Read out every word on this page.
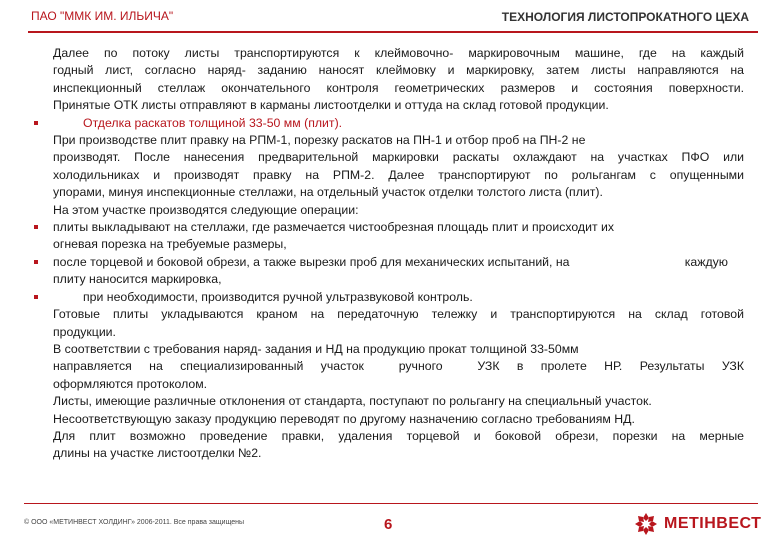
ПАО "ММК ИМ. ИЛЬИЧА"	ТЕХНОЛОГИЯ ЛИСТОПРОКАТНОГО ЦЕХА
Далее по потоку листы транспортируются к клеймовочно- маркировочным машине, где на каждый
годный лист, согласно наряд- заданию наносят клеймовку и маркировку, затем листы направляются на
инспекционный стеллаж окончательного контроля геометрических размеров и состояния поверхности.
Принятые ОТК листы отправляют в карманы листоотделки и оттуда на склад готовой продукции.
Отделка раскатов толщиной 33-50 мм (плит).
При производстве плит правку на РПМ-1, порезку раскатов на ПН-1 и отбор проб на ПН-2 не
производят. После нанесения предварительной маркировки раскаты охлаждают на участках ПФО или
холодильниках и производят правку на РПМ-2. Далее транспортируют по рольгангам с опущенными
упорами, минуя инспекционные стеллажи, на отдельный участок отделки толстого листа (плит).
На этом участке производятся следующие операции:
плиты выкладывают на стеллажи, где размечается чистообрезная площадь плит и происходит их
огневая порезка на требуемые размеры,
после торцевой и боковой обрези, а также вырезки проб для механических испытаний, на	каждую
плиту наносится маркировка,
при необходимости, производится ручной ультразвуковой контроль.
Готовые плиты укладываются краном на передаточную тележку и транспортируются на склад готовой
продукции.
В соответствии с требования наряд- задания и НД на продукцию прокат толщиной 33-50мм
направляется на специализированный участок  ручного  УЗК в пролете НР. Результаты УЗК
оформляются протоколом.
Листы, имеющие различные отклонения от стандарта, поступают по рольгангу на специальный участок.
Несоответствующую заказу продукцию переводят по другому назначению согласно требованиям НД.
Для плит возможно проведение правки, удаления торцевой и боковой обрези, порезки на мерные
длины на участке листоотделки №2.
© ООО «МЕТИНВЕСТ ХОЛДИНГ» 2006-2011. Все права защищены	6	МЕТІНВЕСТ
